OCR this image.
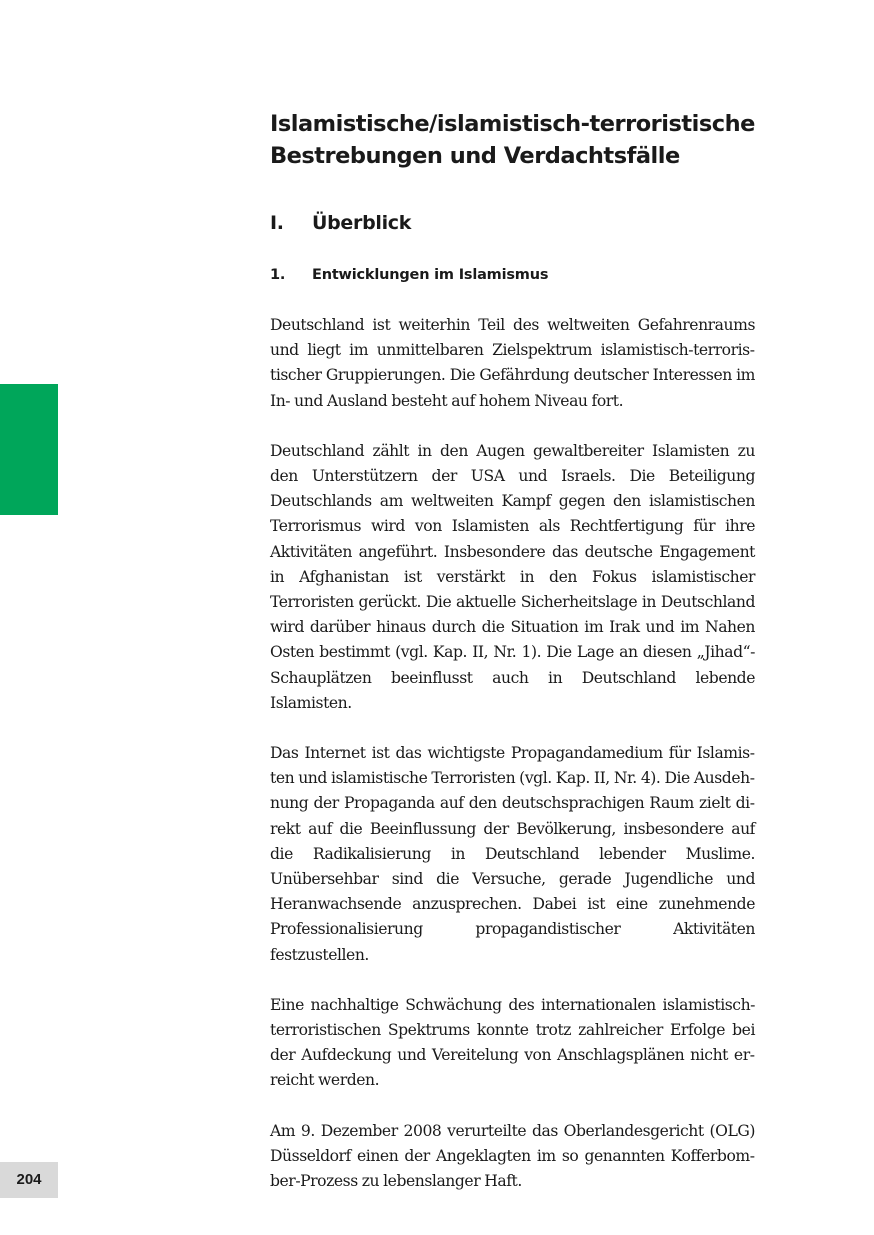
204
Islamistische/islamistisch-terroristische Bestrebungen und Verdachtsfälle
I.	Überblick
1.	Entwicklungen im Islamismus

Deutschland ist weiterhin Teil des weltweiten Gefahrenraums und liegt im unmittelbaren Zielspektrum islamistisch-terroristischer Gruppierungen. Die Gefährdung deutscher Interessen im In- und Ausland besteht auf hohem Niveau fort.

Deutschland zählt in den Augen gewaltbereiter Islamisten zu den Unterstützern der USA und Israels. Die Beteiligung Deutschlands am weltweiten Kampf gegen den islamistischen Terrorismus wird von Islamisten als Rechtfertigung für ihre Aktivitäten angeführt. Insbesondere das deutsche Engagement in Afghanistan ist verstärkt in den Fokus islamistischer Terroristen gerückt. Die aktuelle Sicherheitslage in Deutschland wird darüber hinaus durch die Situation im Irak und im Nahen Osten bestimmt (vgl. Kap. II, Nr. 1). Die Lage an diesen „Jihad“-Schauplätzen beeinflusst auch in Deutschland lebende Islamisten.

Das Internet ist das wichtigste Propagandamedium für Islamisten und islamistische Terroristen (vgl. Kap. II, Nr. 4). Die Ausdehnung der Propaganda auf den deutschsprachigen Raum zielt direkt auf die Beeinflussung der Bevölkerung, insbesondere auf die Radikalisierung in Deutschland lebender Muslime. Unübersehbar sind die Versuche, gerade Jugendliche und Heranwachsende anzusprechen. Dabei ist eine zunehmende Professionalisierung propagandistischer Aktivitäten festzustellen.

Eine nachhaltige Schwächung des internationalen islamistisch-terroristischen Spektrums konnte trotz zahlreicher Erfolge bei der Aufdeckung und Vereitelung von Anschlagsplänen nicht erreicht werden.

Am 9. Dezember 2008 verurteilte das Oberlandesgericht (OLG) Düsseldorf einen der Angeklagten im so genannten Kofferbomber-Prozess zu lebenslanger Haft.
